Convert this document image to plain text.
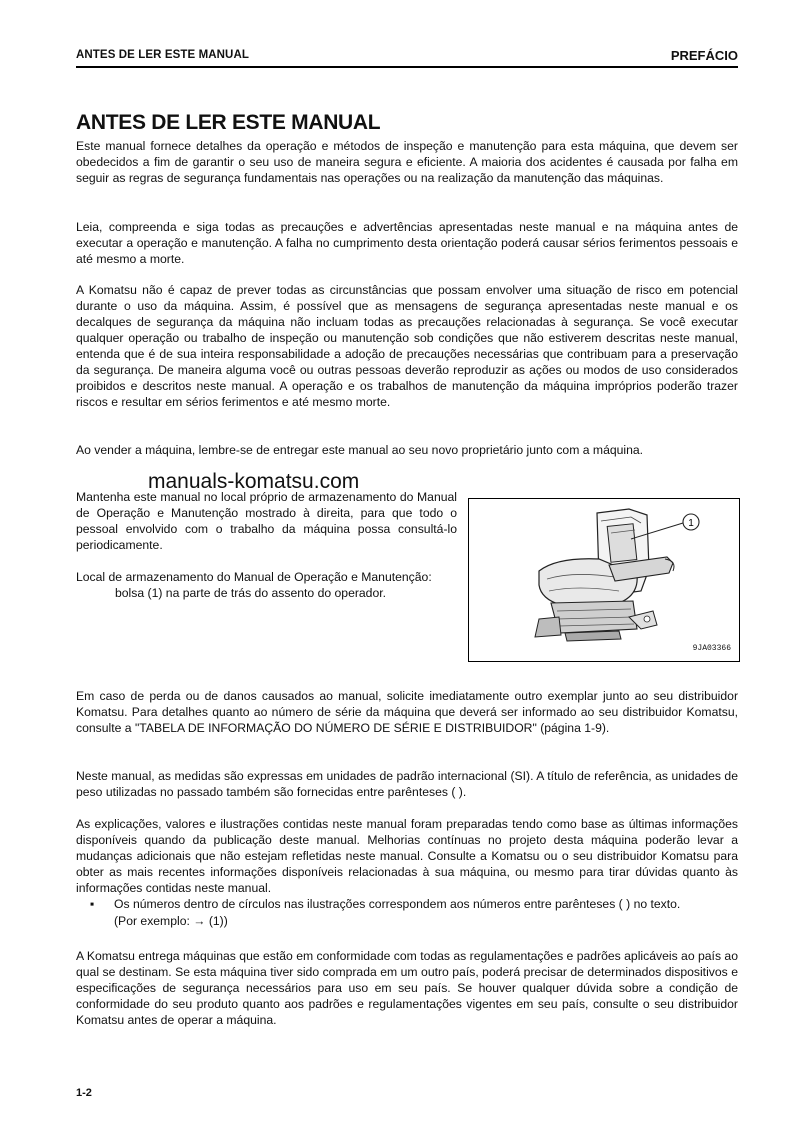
ANTES DE LER ESTE MANUAL	PREFÁCIO
ANTES DE LER ESTE MANUAL

Este manual fornece detalhes da operação e métodos de inspeção e manutenção para esta máquina, que devem ser obedecidos a fim de garantir o seu uso de maneira segura e eficiente. A maioria dos acidentes é causada por falha em seguir as regras de segurança fundamentais nas operações ou na realização da manutenção das máquinas.

Leia, compreenda e siga todas as precauções e advertências apresentadas neste manual e na máquina antes de executar a operação e manutenção. A falha no cumprimento desta orientação poderá causar sérios ferimentos pessoais e até mesmo a morte.

A Komatsu não é capaz de prever todas as circunstâncias que possam envolver uma situação de risco em potencial durante o uso da máquina. Assim, é possível que as mensagens de segurança apresentadas neste manual e os decalques de segurança da máquina não incluam todas as precauções relacionadas à segurança. Se você executar qualquer operação ou trabalho de inspeção ou manutenção sob condições que não estiverem descritas neste manual, entenda que é de sua inteira responsabilidade a adoção de precauções necessárias que contribuam para a preservação da segurança. De maneira alguma você ou outras pessoas deverão reproduzir as ações ou modos de uso considerados proibidos e descritos neste manual. A operação e os trabalhos de manutenção da máquina impróprios poderão trazer riscos e resultar em sérios ferimentos e até mesmo morte.

Ao vender a máquina, lembre-se de entregar este manual ao seu novo proprietário junto com a máquina.

manuals-komatsu.com

Mantenha este manual no local próprio de armazenamento do Manual de Operação e Manutenção mostrado à direita, para que todo o pessoal envolvido com o trabalho da máquina possa consultá-lo periodicamente.

Local de armazenamento do Manual de Operação e Manutenção:
bolsa (1) na parte de trás do assento do operador.

1
9JA03366

Em caso de perda ou de danos causados ao manual, solicite imediatamente outro exemplar junto ao seu distribuidor Komatsu. Para detalhes quanto ao número de série da máquina que deverá ser informado ao seu distribuidor Komatsu, consulte a "TABELA DE INFORMAÇÃO DO NÚMERO DE SÉRIE E DISTRIBUIDOR" (página 1-9).

Neste manual, as medidas são expressas em unidades de padrão internacional (SI). A título de referência, as unidades de peso utilizadas no passado também são fornecidas entre parênteses ( ).

As explicações, valores e ilustrações contidas neste manual foram preparadas tendo como base as últimas informações disponíveis quando da publicação deste manual. Melhorias contínuas no projeto desta máquina poderão levar a mudanças adicionais que não estejam refletidas neste manual. Consulte a Komatsu ou o seu distribuidor Komatsu para obter as mais recentes informações disponíveis relacionadas à sua máquina, ou mesmo para tirar dúvidas quanto às informações contidas neste manual.

▪	Os números dentro de círculos nas ilustrações correspondem aos números entre parênteses ( ) no texto.
(Por exemplo: → (1))

A Komatsu entrega máquinas que estão em conformidade com todas as regulamentações e padrões aplicáveis ao país ao qual se destinam. Se esta máquina tiver sido comprada em um outro país, poderá precisar de determinados dispositivos e especificações de segurança necessários para uso em seu país. Se houver qualquer dúvida sobre a condição de conformidade do seu produto quanto aos padrões e regulamentações vigentes em seu país, consulte o seu distribuidor Komatsu antes de operar a máquina.

1-2
